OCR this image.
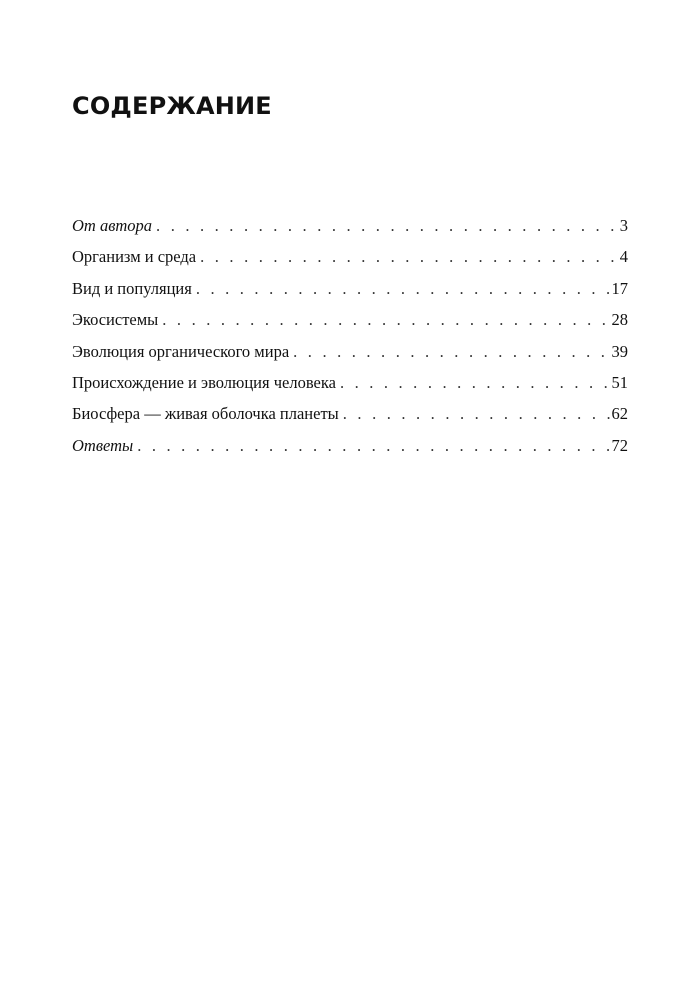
СОДЕРЖАНИЕ
От автора . . .	3
Организм и среда . . .	4
Вид и популяция . . .	17
Экосистемы . . .	28
Эволюция органического мира . . .	39
Происхождение и эволюция человека . . .	51
Биосфера — живая оболочка планеты . . .	62
Ответы . . .	72
